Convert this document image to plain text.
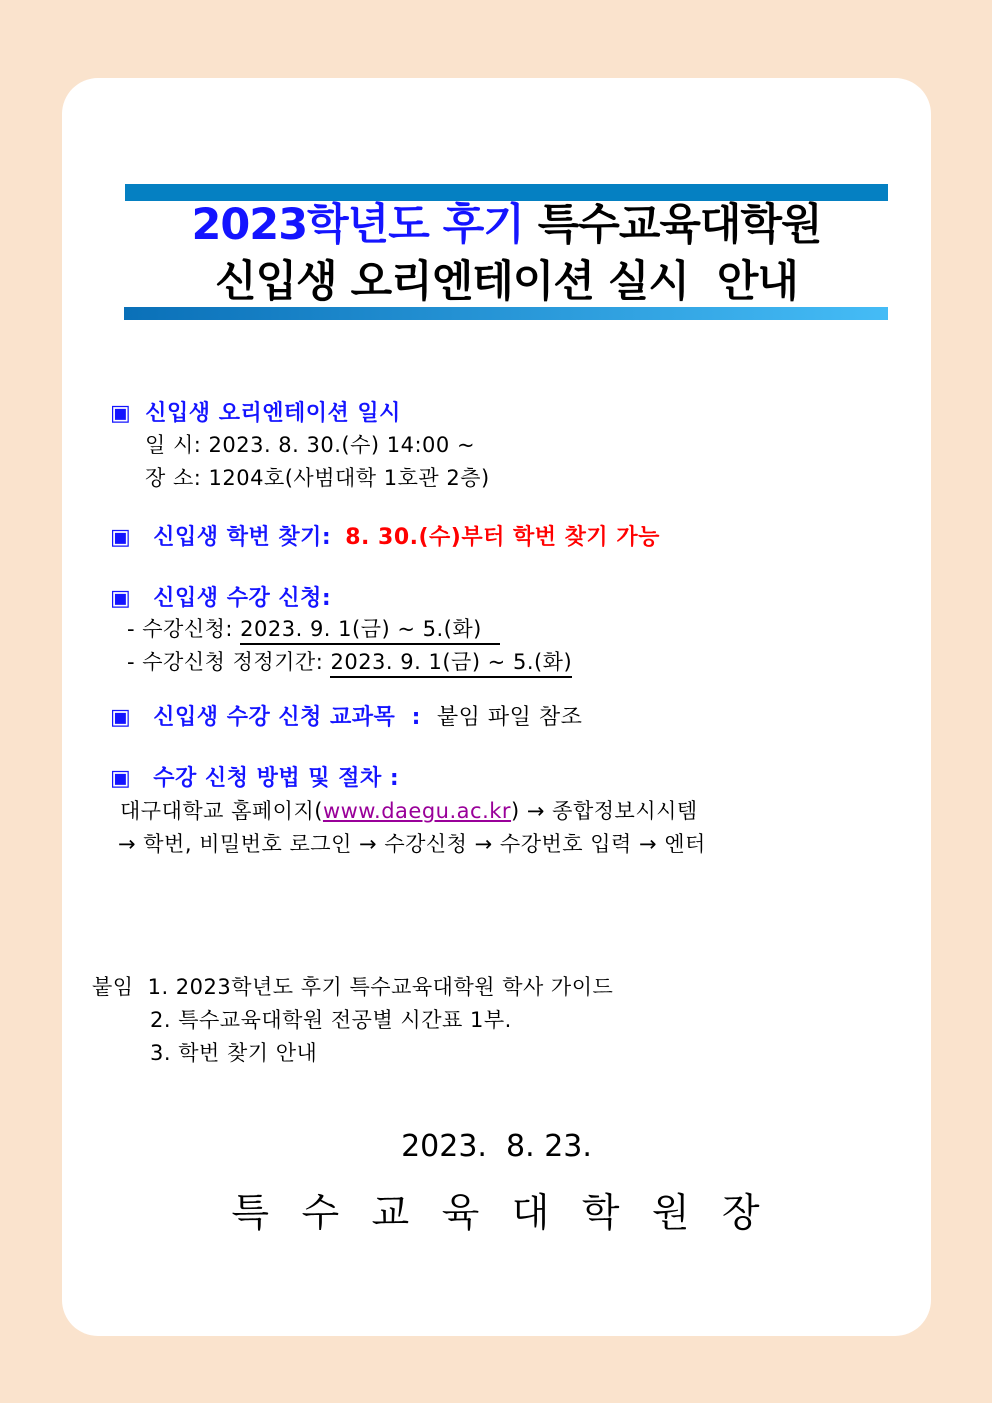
2023학년도 후기 특수교육대학원
신입생 오리엔테이션 실시  안내
▣ 신입생 오리엔테이션 일시
일 시: 2023. 8. 30.(수) 14:00 ~
장 소: 1204호(사범대학 1호관 2층)
▣ 신입생 학번 찾기: 8. 30.(수)부터 학번 찾기 가능
▣ 신입생 수강 신청:
- 수강신청: 2023. 9. 1(금) ~ 5.(화)
- 수강신청 정정기간: 2023. 9. 1(금) ~ 5.(화)
▣ 신입생 수강 신청 교과목  : 붙임 파일 참조
▣ 수강 신청 방법 및 절차 :
대구대학교 홈페이지(www.daegu.ac.kr) → 종합정보시시템
→ 학번, 비밀번호 로그인 → 수강신청 → 수강번호 입력 → 엔터
붙임 1. 2023학년도 후기 특수교육대학원 학사 가이드
2. 특수교육대학원 전공별 시간표 1부.
3. 학번 찾기 안내
2023.  8. 23.
특 수 교 육 대 학 원 장
